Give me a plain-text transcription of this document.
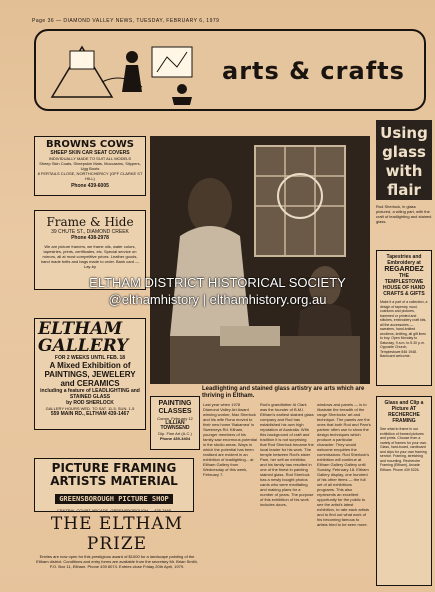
Page 36 — DIAMOND VALLEY NEWS, TUESDAY, FEBRUARY 6, 1979
arts & crafts
BROWNS COWS
SHEEP SKIN CAR SEAT COVERS
INDIVIDUALLY MADE TO SUIT ALL MODELS
Sheep Skin Coats, Sheepskin Mats, Moccasins, Slippers, Ugg Boots
8 FERTAILS CLOSE, NORTHCHERICY (OFF CLARKE ST HILL)
Phone 439-6005
Frame & Hide
39 CHUTE ST., DIAMOND CREEK
Phone 438-2978
We are picture framers, we frame oils, water colors, tapestries, prints, certificates, etc. Special service on mirrors, all at most competitive prices. Leather goods, hand made belts and bags made to order. Bank card — Lay-by
ELTHAM GALLERY
FOR 2 WEEKS UNTIL FEB. 18
A Mixed Exhibition of PAINTINGS, JEWELERY and CERAMICS
including a feature of LEADLIGHTING and STAINED GLASS
by ROD SHERLOCK
GALLERY HOURS WED. TO SAT. 11-5, SUN. 1-5
559 MAIN RD., ELTHAM 439-1467
Leadlighting and stained glass artistry are arts which are thriving in Eltham.
PAINTING CLASSES
Comm. February 12
LILLIAN TOWNSEND
Dip. Fine Art (A.C.)
Phone 439-3404
Last year when 1978 Diamond Valley Art Award winning worker, Max Sherlock and his wife Rona moved to their new home 'Bakamea' in Sweeneys Rd. Kilham, younger members of his family saw enormous potential in the studio areas. Ways in which the potential has been realised are evident in an exhibition of leadlighting... at Eltham Gallery from Wednesday of this week, February 7.
Rod's grandfather Al Clark was the founder of B.M.I. Eltham's earliest stained glass company and Rod has established his own high reputation of Australia. With this background of craft and tradition it is not surprising that Rod Sherlock became the local leader for his work. The temple between Rod's sister Pam, her self an exhibitor, and his family has resulted in one of the finest in painting stained glass. Rod Sherlock has a newly bought photos cards who were meditating and making plans for a number of years. The purpose of this exhibition of his work includes doors,
windows and panels — is to illustrate the breadth of the range Sherlocks' art and technique. The panels are the ones that both Rod and Pam's partner often use to show the design techniques which produce a particular character. They would welcome enquiries the commissions. Rod Sherlock's exhibition will continue at Eltham Gallery Gallery until Sunday, February 18. Eltham Gallery display, one hundred of his other items — the full set of all exhibitions programs. This also represents an excellent opportunity for the public to see the artist's latest exhibition, to rate each artists and to find out what work of his becoming famous to artists tried to be seen more.
Using glass with flair
Rod Sherlock, in glass pictured, a wiling part, with the craft of leadlighting and stained glass.
Tapestries and Embroidery at
REGARDEZ
THE TEMPLESTOWE HOUSE OF HAND CRAFTS & GIFTS
Make it a part of a collection, a design of tapestry, wool, cushions and pictures, trammed or printed and stitches, embroidery craft kits, all the accessories — sweaters, hand-knitted woollens, knitting, all gift lines to buy. Open Monday to Saturday, 9 a.m. to 5.30 p.m. Opposite Church, Templestowe 846 1948. Bankcard welcome.
Glass and Clip a Picture AT RECHERCHE FRAMING
See what to frame in our exhibition of framed pictures and prints. Choose from a variety of frames for your own. Glass, hard-board, cardboard and clips for your own framing service. Framing, stretching and mounting. Recherche Framing (Eltham), Arcade Eltham. Phone 439 5226.
PICTURE FRAMING
ARTISTS MATERIAL
GREENSBOROUGH PICTURE SHOP
CENTRAL COURT ARCADE, GREENSBOROUGH — 435-7460
THE ELTHAM PRIZE
Entries are now open for this prestigious award of $1000 for a landscape painting of the Eltham district. Conditions and entry forms are available from the secretary Mr. Brian Smith, P.O. Box 11, Eltham. Phone 439 8074. Entries close Friday 20th April, 1979.
ELTHAM DISTRICT HISTORICAL SOCIETY
@elthamhistory | elthamhistory.org.au
